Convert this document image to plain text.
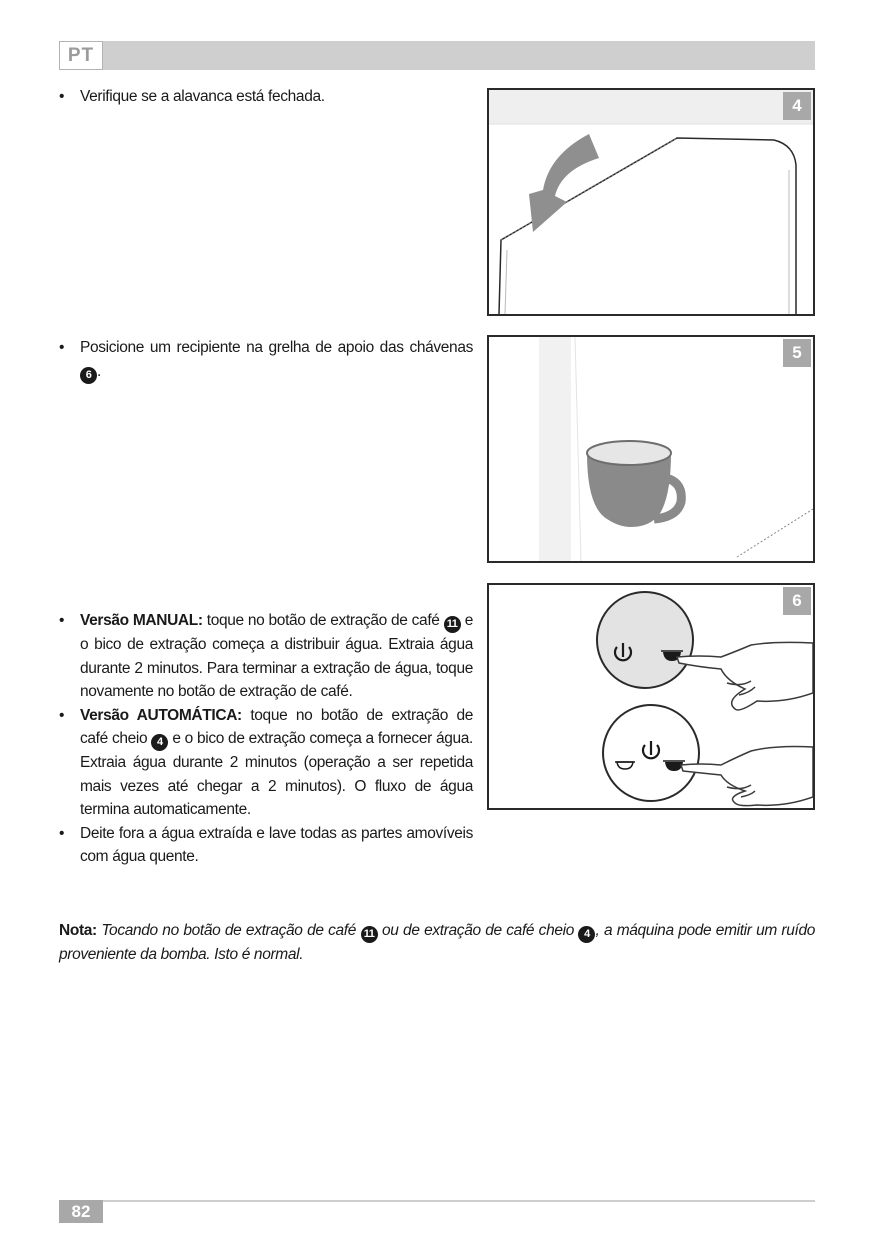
PT

• Verifique se a alavanca está fechada.	4

• Posicione um recipiente na grelha de apoio das chávenas 6 .

5

• Versão MANUAL: toque no botão de extração de café 11 e o bico de extração começa a distribuir água. Extraia água durante 2 minutos. Para terminar a extração de água, toque novamente no botão de extração de café.

• Versão AUTOMÁTICA: toque no botão de extração de café cheio 4 e o bico de extração começa a fornecer água. Extraia água durante 2 minutos (operação a ser repetida mais vezes até chegar a 2 minutos). O fluxo de água termina automaticamente.

• Deite fora a água extraída e lave todas as partes amovíveis com água quente.

6
Nota: Tocando no botão de extração de café 11 ou de extração de café cheio 4 , a máquina pode emitir um ruído proveniente da bomba. Isto é normal.
82
